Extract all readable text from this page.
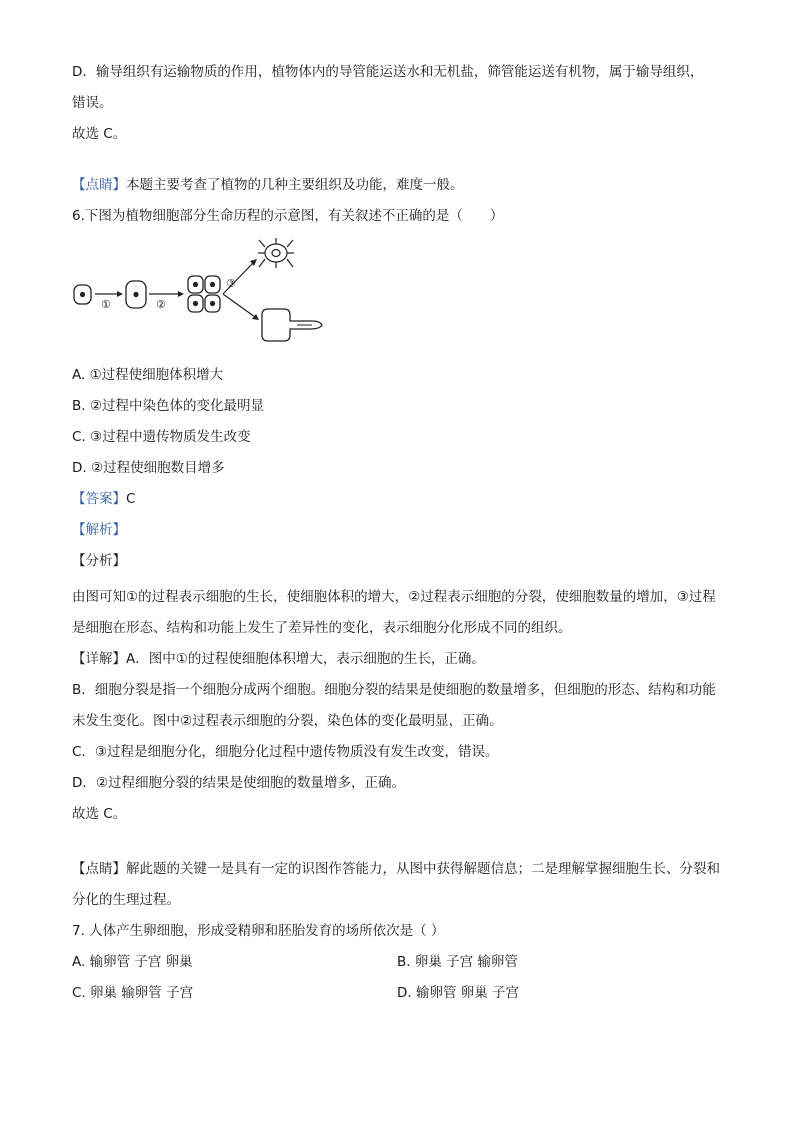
D．输导组织有运输物质的作用，植物体内的导管能运送水和无机盐，筛管能运送有机物，属于输导组织，
错误。
故选 C。
【点睛】本题主要考查了植物的几种主要组织及功能，难度一般。
6.下图为植物细胞部分生命历程的示意图，有关叙述不正确的是（　　）
①	②
③
A. ①过程使细胞体积增大
B. ②过程中染色体的变化最明显
C. ③过程中遗传物质发生改变
D. ②过程使细胞数目增多
【答案】C
【解析】
【分析】
由图可知①的过程表示细胞的生长，使细胞体积的增大，②过程表示细胞的分裂，使细胞数量的增加，③过程是细胞在形态、结构和功能上发生了差异性的变化，表示细胞分化形成不同的组织。
【详解】A．图中①的过程使细胞体积增大，表示细胞的生长，正确。
B．细胞分裂是指一个细胞分成两个细胞。细胞分裂的结果是使细胞的数量增多，但细胞的形态、结构和功能未发生变化。图中②过程表示细胞的分裂，染色体的变化最明显，正确。
C．③过程是细胞分化，细胞分化过程中遗传物质没有发生改变，错误。
D．②过程细胞分裂的结果是使细胞的数量增多，正确。
故选 C。
【点睛】解此题的关键一是具有一定的识图作答能力，从图中获得解题信息；二是理解掌握细胞生长、分裂和分化的生理过程。
7. 人体产生卵细胞，形成受精卵和胚胎发育的场所依次是（ ）
A. 输卵管 子宫 卵巢	B. 卵巢 子宫 输卵管
C. 卵巢 输卵管 子宫	D. 输卵管 卵巢 子宫
